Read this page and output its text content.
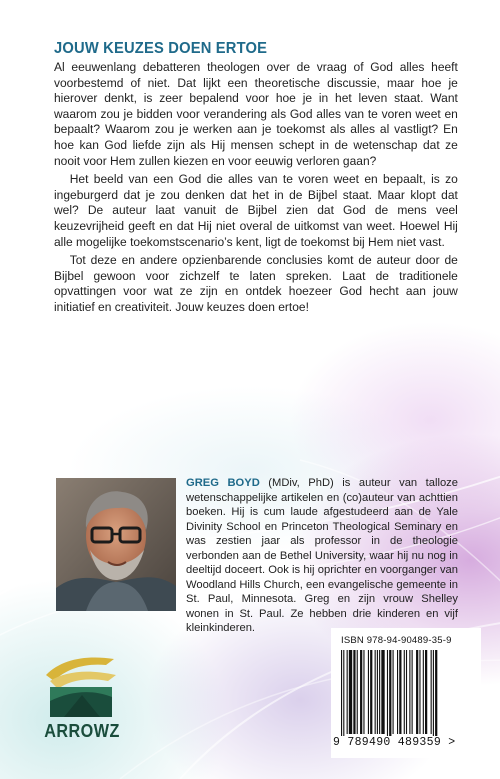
JOUW KEUZES DOEN ERTOE

Al eeuwenlang debatteren theologen over de vraag of God alles heeft voorbestemd of niet. Dat lijkt een theoretische discussie, maar hoe je hierover denkt, is zeer bepalend voor hoe je in het leven staat. Want waarom zou je bidden voor verandering als God alles van te voren weet en bepaalt? Waarom zou je werken aan je toekomst als alles al vastligt? En hoe kan God liefde zijn als Hij mensen schept in de wetenschap dat ze nooit voor Hem zullen kiezen en voor eeuwig verloren gaan?

Het beeld van een God die alles van te voren weet en bepaalt, is zo ingeburgerd dat je zou denken dat het in de Bijbel staat. Maar klopt dat wel? De auteur laat vanuit de Bijbel zien dat God de mens veel keuzevrijheid geeft en dat Hij niet overal de uitkomst van weet. Hoewel Hij alle mogelijke toekomstscenario’s kent, ligt de toekomst bij Hem niet vast.

Tot deze en andere opzienbarende conclusies komt de auteur door de Bijbel gewoon voor zichzelf te laten spreken. Laat de traditionele opvattingen voor wat ze zijn en ontdek hoezeer God hecht aan jouw initiatief en creativiteit. Jouw keuzes doen ertoe!

GREG BOYD (MDiv, PhD) is auteur van talloze wetenschappelijke artikelen en (co)auteur van achttien boeken. Hij is cum laude afgestudeerd aan de Yale Divinity School en Princeton Theological Seminary en was zestien jaar als professor in de theologie verbonden aan de Bethel University, waar hij nu nog in deeltijd doceert. Ook is hij oprichter en voorganger van Woodland Hills Church, een evangelische gemeente in St. Paul, Minnesota. Greg en zijn vrouw Shelley wonen in St. Paul. Ze hebben drie kinderen en vijf kleinkinderen.
ARROWZ
ISBN 978-94-90489-35-9
9 789490 489359 >
